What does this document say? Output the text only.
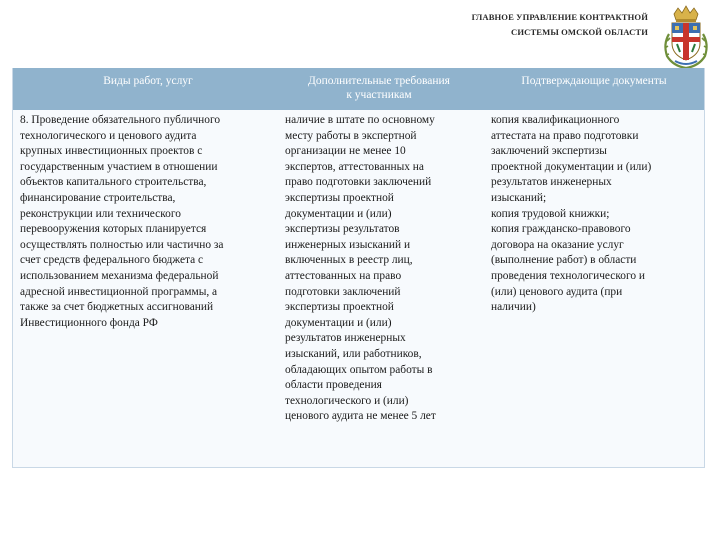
ГЛАВНОЕ УПРАВЛЕНИЕ КОНТРАКТНОЙ
СИСТЕМЫ ОМСКОЙ ОБЛАСТИ
Виды работ, услуг	Дополнительные требования
к участникам
Подтверждающие документы
8. Проведение обязательного публичного
технологического и ценового аудита
крупных инвестиционных проектов с
государственным участием в отношении
объектов капитального строительства,
финансирование строительства,
реконструкции или технического
перевооружения которых планируется
осуществлять полностью или частично за
счет средств федерального бюджета с
использованием механизма федеральной
адресной инвестиционной программы, а
также за счет бюджетных ассигнований
Инвестиционного фонда РФ
наличие в штате по основному
месту работы в экспертной
организации не менее 10
экспертов, аттестованных на
право подготовки заключений
экспертизы проектной
документации и (или)
экспертизы результатов
инженерных изысканий и
включенных в реестр лиц,
аттестованных на право
подготовки заключений
экспертизы проектной
документации и (или)
результатов инженерных
изысканий, или работников,
обладающих опытом работы в
области проведения
технологического и (или)
ценового аудита не менее 5 лет
копия квалификационного
аттестата на право подготовки
заключений экспертизы
проектной документации и (или)
результатов инженерных
изысканий;
копия трудовой книжки;
копия гражданско-правового
договора на оказание услуг
(выполнение работ) в области
проведения технологического и
(или) ценового аудита (при
наличии)
